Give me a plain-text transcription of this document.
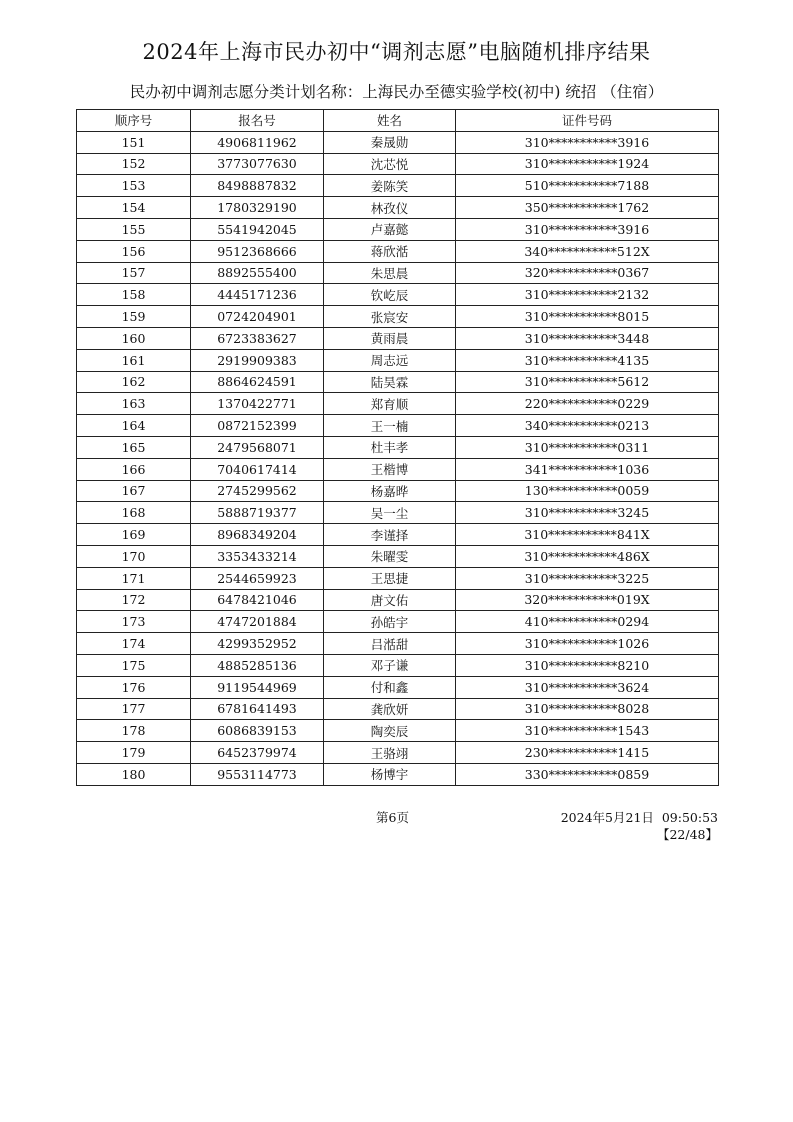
2024年上海市民办初中“调剂志愿”电脑随机排序结果
民办初中调剂志愿分类计划名称：上海民办至德实验学校(初中) 统招 （住宿）
顺序号	报名号	姓名	证件号码
151	4906811962	秦晟勋	310***********3916
152	3773077630	沈芯悦	310***********1924
153	8498887832	姜陈笑	510***********7188
154	1780329190	林孜仪	350***********1762
155	5541942045	卢嘉懿	310***********3916
156	9512368666	蒋欣湉	340***********512X
157	8892555400	朱思晨	320***********0367
158	4445171236	钦屹辰	310***********2132
159	0724204901	张宸安	310***********8015
160	6723383627	黄雨晨	310***********3448
161	2919909383	周志远	310***********4135
162	8864624591	陆昊霖	310***********5612
163	1370422771	郑育顺	220***********0229
164	0872152399	王一楠	340***********0213
165	2479568071	杜丰孝	310***********0311
166	7040617414	王楷博	341***********1036
167	2745299562	杨嘉晔	130***********0059
168	5888719377	吴一尘	310***********3245
169	8968349204	李谨择	310***********841X
170	3353433214	朱曜雯	310***********486X
171	2544659923	王思捷	310***********3225
172	6478421046	唐文佑	320***********019X
173	4747201884	孙皓宇	410***********0294
174	4299352952	吕湉甜	310***********1026
175	4885285136	邓子谦	310***********8210
176	9119544969	付和鑫	310***********3624
177	6781641493	龚欣妍	310***********8028
178	6086839153	陶奕辰	310***********1543
179	6452379974	王骆翊	230***********1415
180	9553114773	杨博宇	330***********0859
第6页	2024年5月21日  09:50:53
【22/48】
